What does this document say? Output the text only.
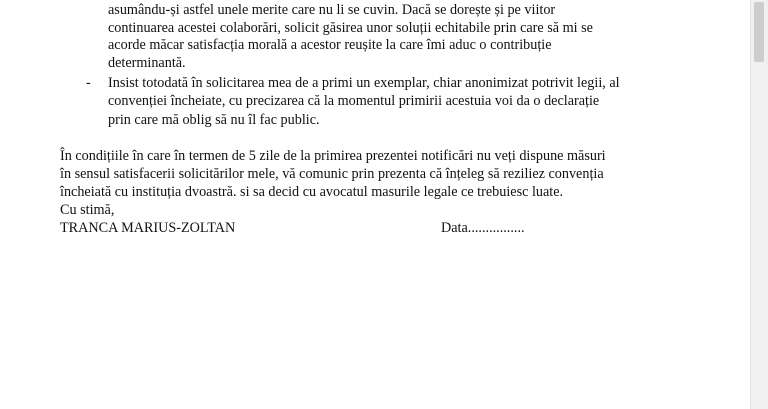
asumându-și astfel unele merite care nu li se cuvin. Dacă se dorește și pe viitor
continuarea acestei colaborări, solicit găsirea unor soluții echitabile prin care să mi se
acorde măcar satisfacția morală a acestor reușite la care îmi aduc o contribuție
determinantă.
- Insist totodată în solicitarea mea de a primi un exemplar, chiar anonimizat potrivit legii, al
convenției încheiate, cu precizarea că la momentul primirii acestuia voi da o declarație
prin care mă oblig să nu îl fac public.
În condițiile în care în termen de 5 zile de la primirea prezentei notificări nu veți dispune măsuri
în sensul satisfacerii solicitărilor mele, vă comunic prin prezenta că înțeleg să reziliez convenția
încheiată cu instituția dvoastră. si sa decid cu avocatul masurile legale ce trebuiesc luate.
Cu stimă,
TRANCA MARIUS-ZOLTAN	Data................
